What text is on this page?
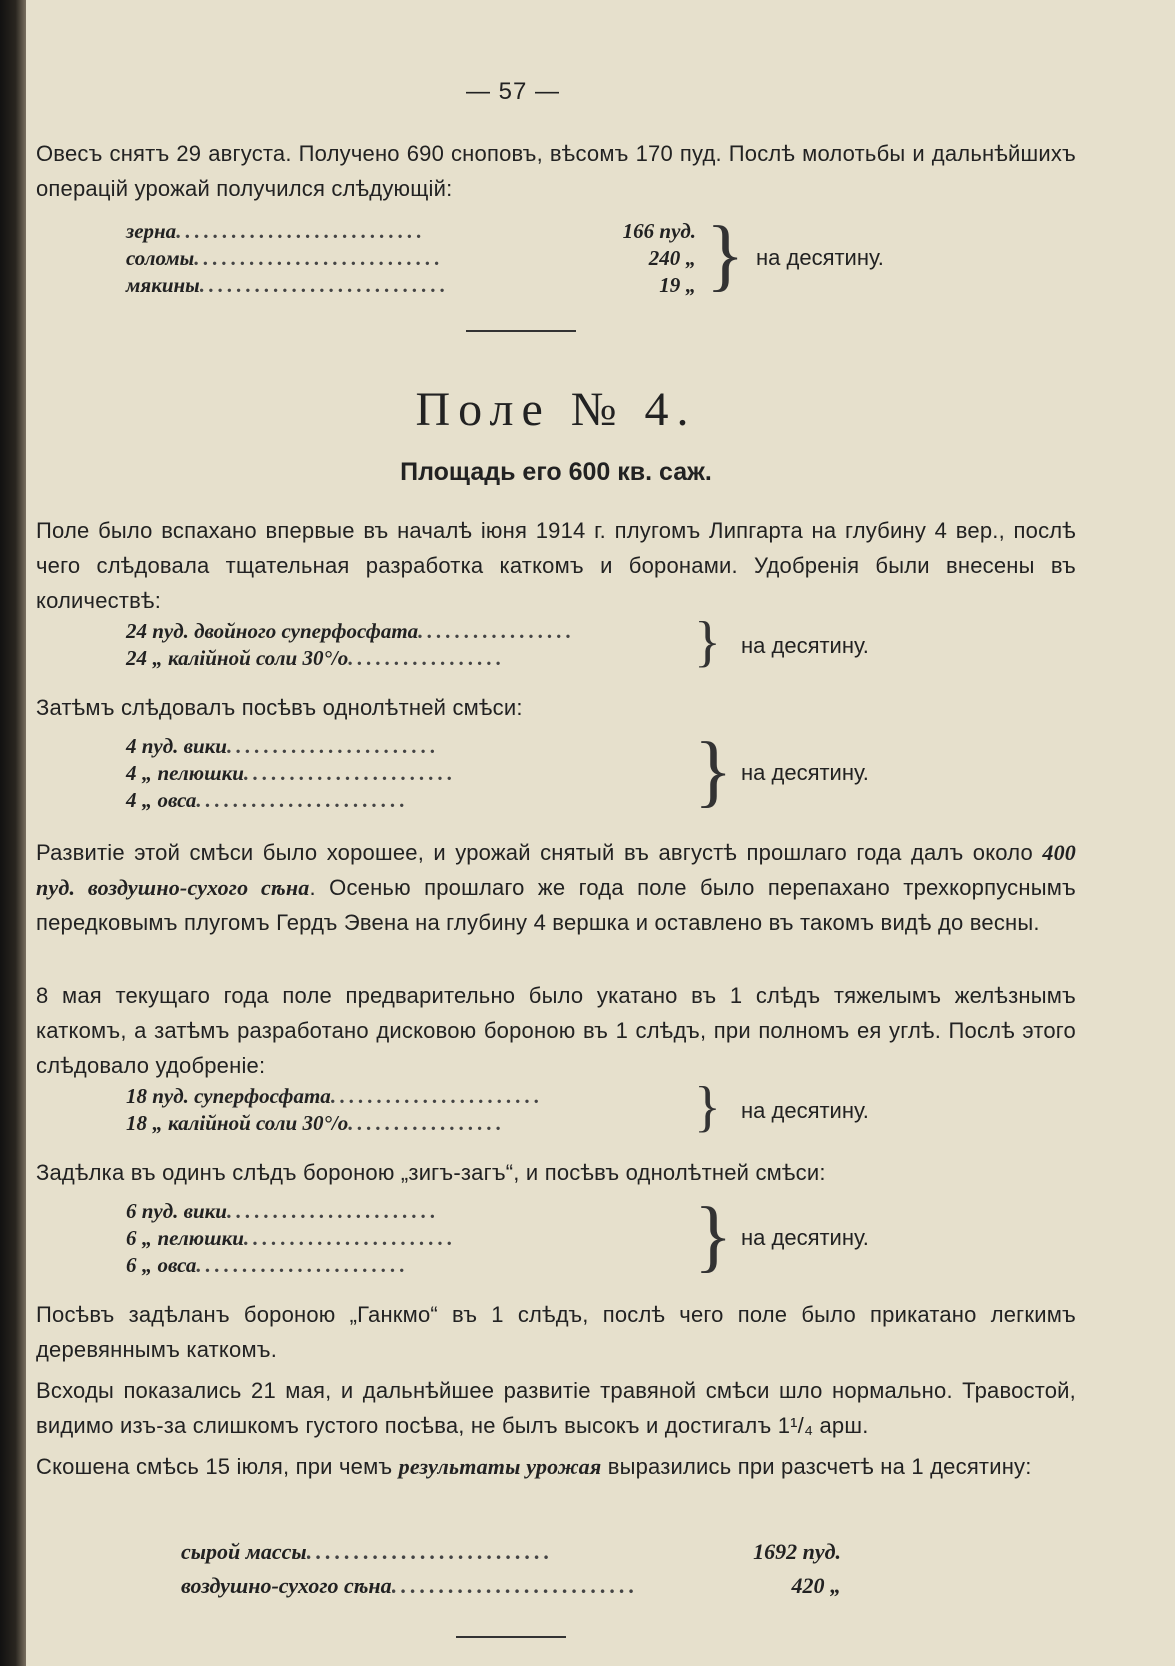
— 57 —

Овесъ снятъ 29 августа. Получено 690 сноповъ, вѣсомъ 170 пуд. Послѣ молотьбы и дальнѣйшихъ операцій урожай получился слѣдующій:

зерна ...........................	166 пуд.
соломы ...........................	240 „
мякины ...........................	19 „ } на десятину.
Поле № 4.
Площадь его 600 кв. саж.

Поле было вспахано впервые въ началѣ іюня 1914 г. плугомъ Липгарта на глубину 4 вер., послѣ чего слѣдовала тщательная разработка каткомъ и боронами. Удобренія были внесены въ количествѣ:

24 пуд. двойного суперфосфата .................
24 „ калійной соли 30°/о .................	} на десятину.

Затѣмъ слѣдовалъ посѣвъ однолѣтней смѣси:

4 пуд. вики .......................
4 „ пелюшки .......................
4 „ овса .......................	} на десятину.

Развитіе этой смѣси было хорошее, и урожай снятый въ августѣ прошлаго года далъ около 400 пуд. воздушно-сухого сѣна. Осенью прошлаго же года поле было перепахано трехкорпуснымъ передковымъ плугомъ Гердъ Эвена на глубину 4 вершка и оставлено въ такомъ видѣ до весны.

8 мая текущаго года поле предварительно было укатано въ 1 слѣдъ тяжелымъ желѣзнымъ каткомъ, а затѣмъ разработано дисковою бороною въ 1 слѣдъ, при полномъ ея углѣ. Послѣ этого слѣдовало удобреніе:

18 пуд. суперфосфата .......................
18 „ калійной соли 30°/о .................	} на десятину.

Задѣлка въ одинъ слѣдъ бороною „зигъ-загъ“, и посѣвъ однолѣтней смѣси:

6 пуд. вики .......................
6 „ пелюшки .......................
6 „ овса .......................	} на десятину.

Посѣвъ задѣланъ бороною „Ганкмо“ въ 1 слѣдъ, послѣ чего поле было прикатано легкимъ деревяннымъ каткомъ.

Всходы показались 21 мая, и дальнѣйшее развитіе травяной смѣси шло нормально. Травостой, видимо изъ-за слишкомъ густого посѣва, не былъ высокъ и достигалъ 1¹/₄ арш.

Скошена смѣсь 15 іюля, при чемъ результаты урожая выразились при разсчетѣ на 1 десятину:

сырой массы ..........................	1692 пуд.
воздушно-сухого сѣна ..........................	420 „
